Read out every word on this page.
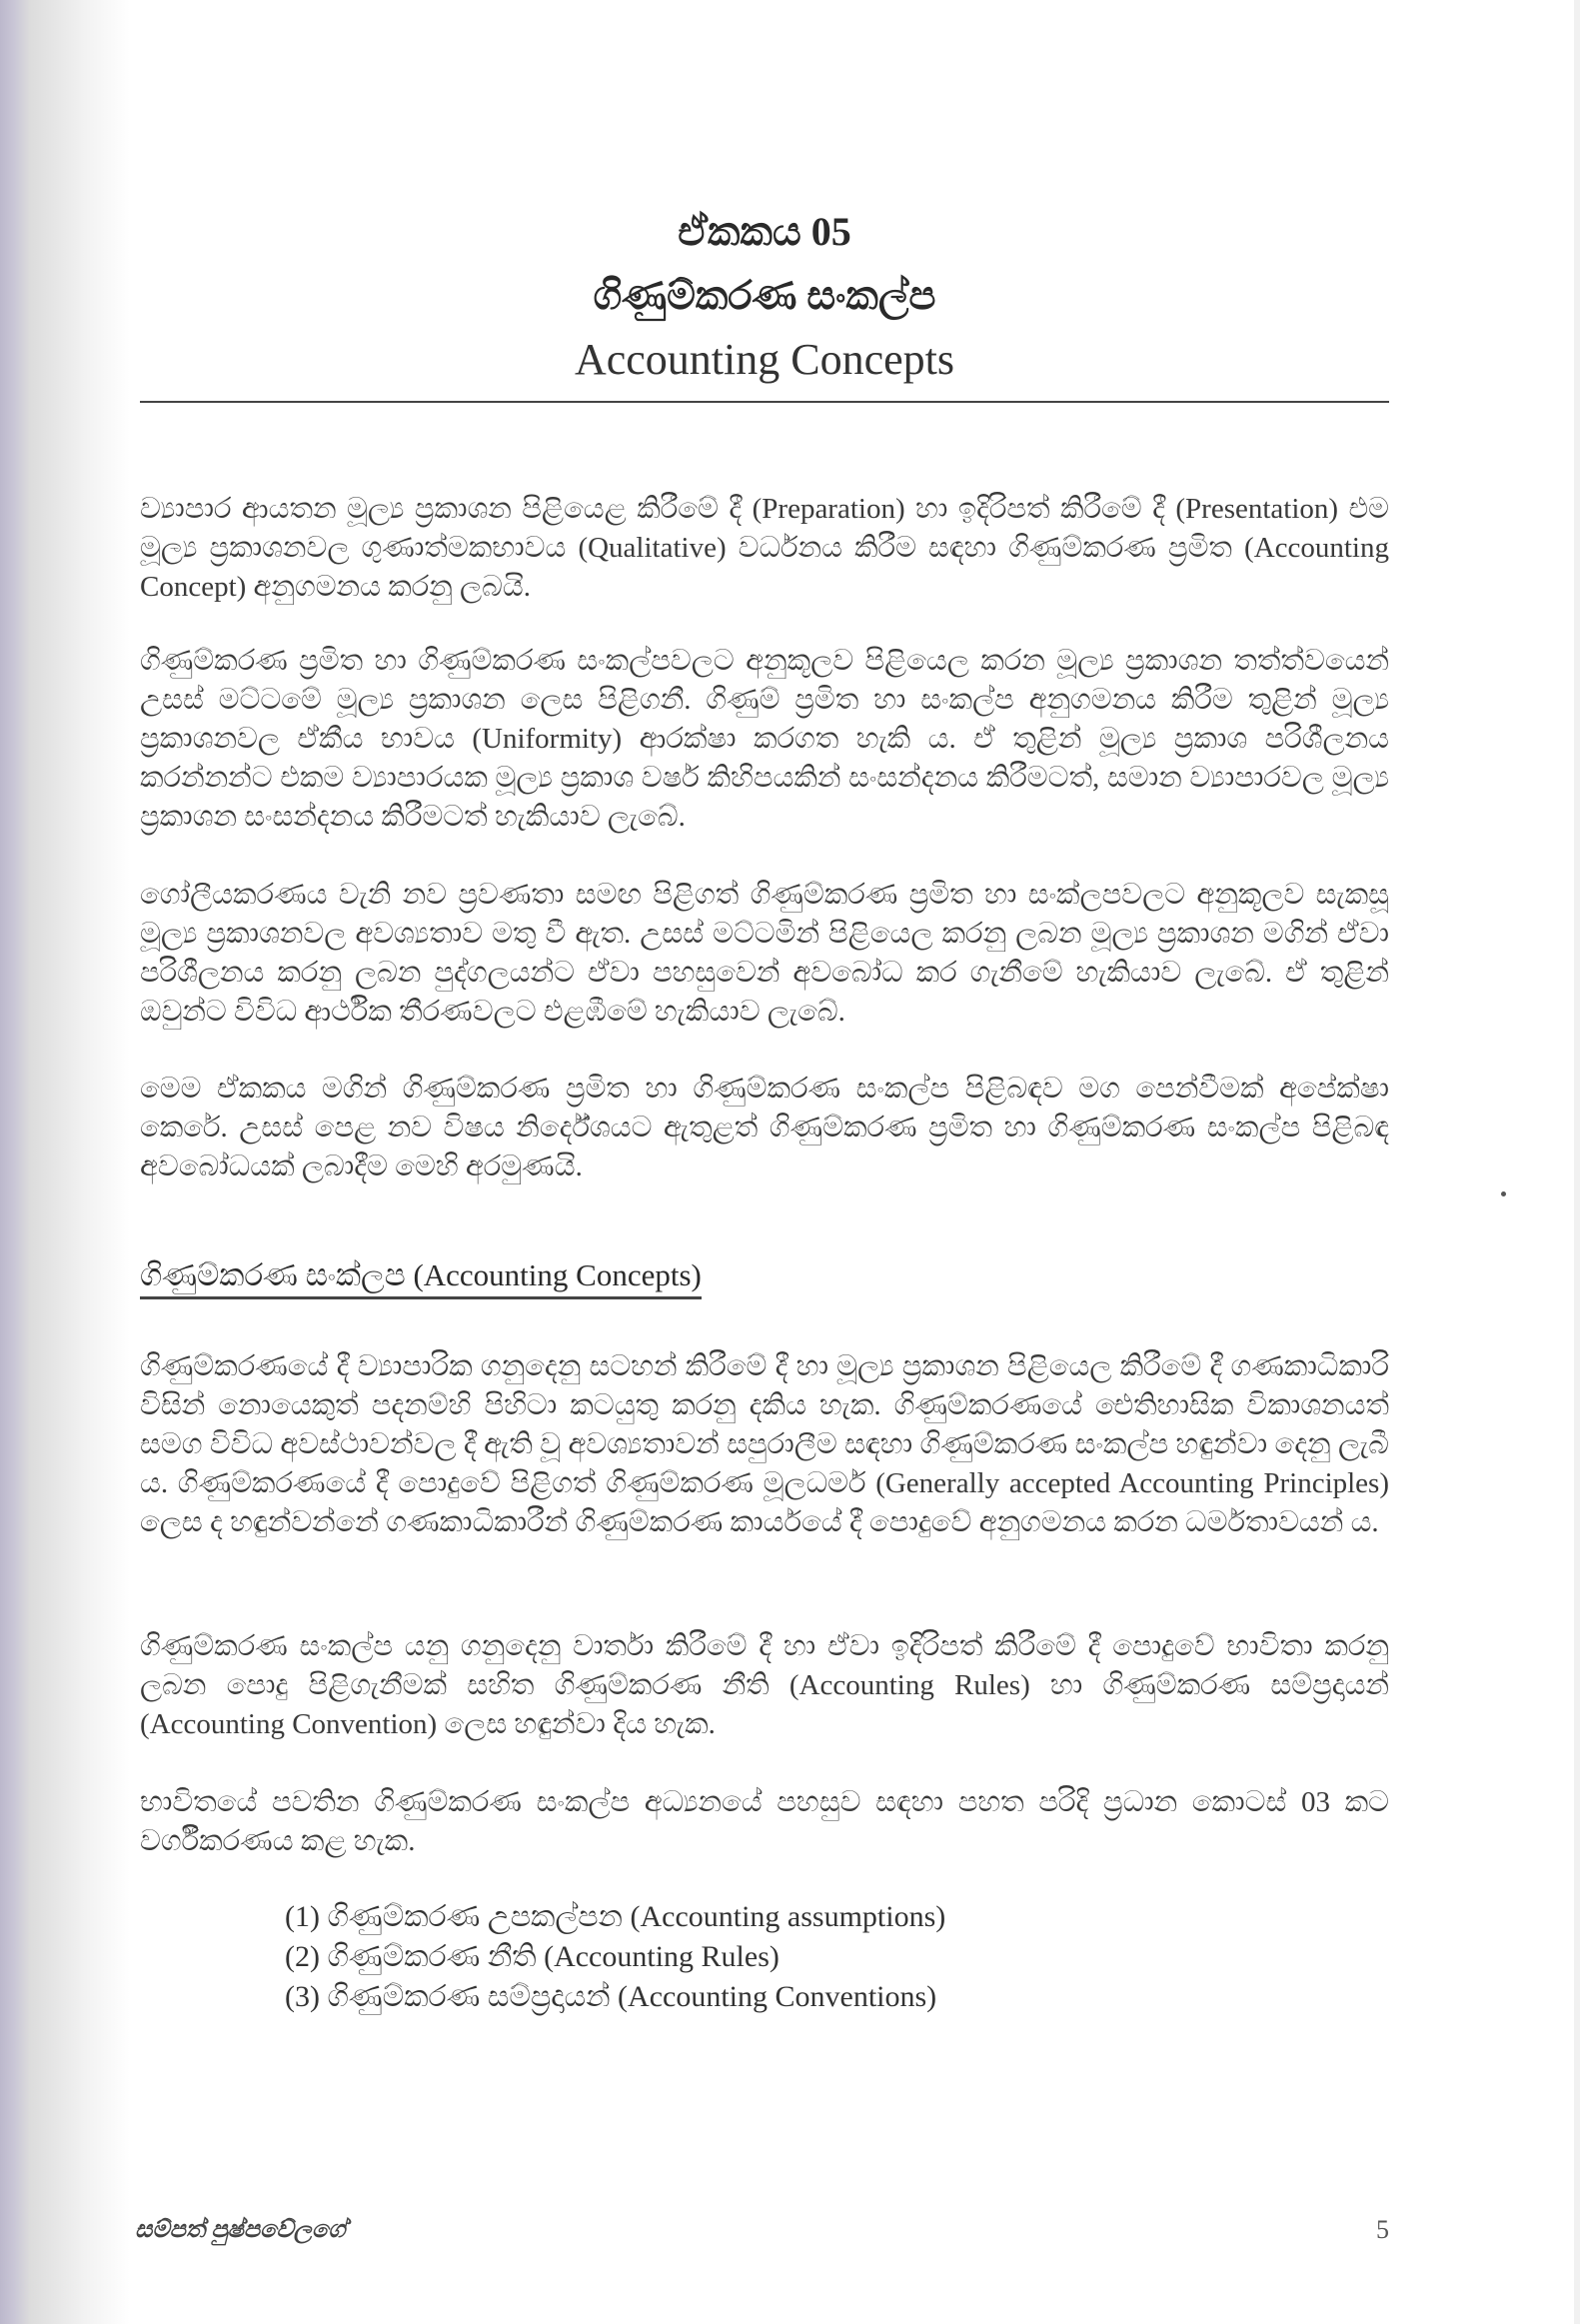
ඒකකය 05
ගිණුම්කරණ සංකල්ප
Accounting Concepts

ව්‍යාපාර ආයතන මූල්‍ය ප්‍රකාශන පිළියෙළ කිරීමේ දී (Preparation) හා ඉදිරිපත් කිරීමේ දී (Presentation) එම මූල්‍ය ප්‍රකාශනවල ගුණාත්මකභාවය (Qualitative) වර්ධනය කිරීම සඳහා ගිණුම්කරණ ප්‍රමිත (Accounting Concept) අනුගමනය කරනු ලබයි.

ගිණුම්කරණ ප්‍රමිත හා ගිණුම්කරණ සංකල්පවලට අනුකූලව පිළියෙල කරන මූල්‍ය ප්‍රකාශන තත්ත්වයෙන් උසස් මට්ටමේ මූල්‍ය ප්‍රකාශන ලෙස පිළිගනී. ගිණුම් ප්‍රමිත හා සංකල්ප අනුගමනය කිරීම තුළින් මූල්‍ය ප්‍රකාශනවල ඒකීය භාවය (Uniformity) ආරක්ෂා කරගත හැකි ය. ඒ තුළින් මූල්‍ය ප්‍රකාශ පරිශීලනය කරන්නන්ට එකම ව්‍යාපාරයක මූල්‍ය ප්‍රකාශ වර්ෂ කිහිපයකින් සංසන්දනය කිරීමටත්, සමාන ව්‍යාපාරවල මූල්‍ය ප්‍රකාශන සංසන්දනය කිරීමටත් හැකියාව ලැබේ.

ගෝලීයකරණය වැනි නව ප්‍රවණතා සමඟ පිළිගත් ගිණුම්කරණ ප්‍රමිත හා සංක්ලපවලට අනුකූලව සැකසූ මූල්‍ය ප්‍රකාශනවල අවශ්‍යතාව මතු වී ඇත. උසස් මට්ටමින් පිළියෙල කරනු ලබන මූල්‍ය ප්‍රකාශන මගින් ඒවා පරිශීලනය කරනු ලබන පුද්ගලයන්ට ඒවා පහසුවෙන් අවබෝධ කර ගැනීමේ හැකියාව ලැබේ. ඒ තුළින් ඔවුන්ට විවිධ ආර්ථික තීරණවලට එළඹීමේ හැකියාව ලැබේ.

මෙම ඒකකය මගින් ගිණුම්කරණ ප්‍රමිත හා ගිණුම්කරණ සංකල්ප පිළිබඳව මග පෙන්වීමක් අපේක්ෂා කෙරේ. උසස් පෙළ නව විෂය නිර්දේශයට ඇතුළත් ගිණුම්කරණ ප්‍රමිත හා ගිණුම්කරණ සංකල්ප පිළිබඳ අවබෝධයක් ලබාදීම මෙහි අරමුණයි.

ගිණුම්කරණ සංක්ලප (Accounting Concepts)

ගිණුම්කරණයේ දී ව්‍යාපාරික ගනුදෙනු සටහන් කිරීමේ දී හා මූල්‍ය ප්‍රකාශන පිළියෙල කිරීමේ දී ගණකාධිකාරි විසින් නොයෙකුත් පදනම්හි පිහිටා කටයුතු කරනු දකිය හැක. ගිණුම්කරණයේ ඓතිහාසික විකාශනයත් සමග විවිධ අවස්ථාවන්වල දී ඇති වූ අවශ්‍යතාවන් සපුරාලීම සඳහා ගිණුම්කරණ සංකල්ප හඳුන්වා දෙනු ලැබී ය. ගිණුම්කරණයේ දී පොදුවේ පිළිගත් ගිණුම්කරණ මූලධර්ම (Generally accepted Accounting Principles) ලෙස ද හඳුන්වන්නේ ගණකාධිකාරීන් ගිණුම්කරණ කාර්යයේ දී පොදුවේ අනුගමනය කරන ධර්මතාවයන් ය.

ගිණුම්කරණ සංකල්ප යනු ගනුදෙනු වාර්තා කිරීමේ දී හා ඒවා ඉදිරිපත් කිරීමේ දී පොදුවේ භාවිතා කරනු ලබන පොදු පිළිගැනීමක් සහිත ගිණුම්කරණ නීති (Accounting Rules) හා ගිණුම්කරණ සම්ප්‍රදායන් (Accounting Convention) ලෙස හඳුන්වා දිය හැක.

භාවිතයේ පවතින ගිණුම්කරණ සංකල්ප අධ්‍යනයේ පහසුව සඳහා පහත පරිදි ප්‍රධාන කොටස් 03 කට වර්ගීකරණය කළ හැක.

(1) ගිණුම්කරණ උපකල්පන (Accounting assumptions)
(2) ගිණුම්කරණ නීති (Accounting Rules)
(3) ගිණුම්කරණ සම්ප්‍රදායන් (Accounting Conventions)
සම්පත් පුෂ්පවේලගේ	5
